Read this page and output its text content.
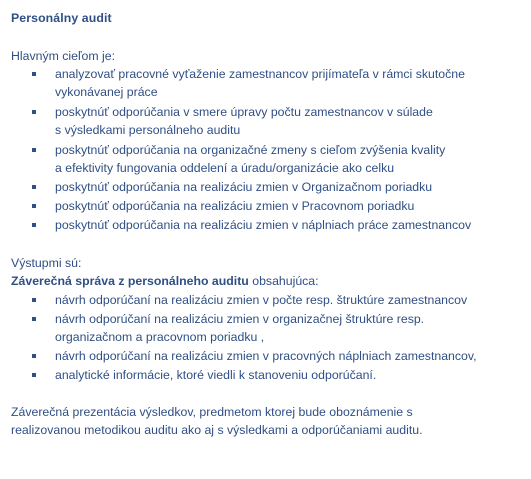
Personálny audit
Hlavným cieľom je:
analyzovať pracovné vyťaženie zamestnancov prijímateľa v rámci skutočne
vykonávanej práce
poskytnúť odporúčania v smere úpravy počtu zamestnancov v súlade
s výsledkami personálneho auditu
poskytnúť odporúčania na organizačné zmeny s cieľom zvýšenia kvality
a efektivity fungovania oddelení a úradu/organizácie ako celku
poskytnúť odporúčania na realizáciu zmien v Organizačnom poriadku
poskytnúť odporúčania na realizáciu zmien v Pracovnom poriadku
poskytnúť odporúčania na realizáciu zmien v náplniach práce zamestnancov
Výstupmi sú:
Záverečná správa z personálneho auditu obsahujúca:
návrh odporúčaní na realizáciu zmien v počte resp. štruktúre zamestnancov
návrh odporúčaní na realizáciu zmien v organizačnej štruktúre resp.
organizačnom a pracovnom poriadku ,
návrh odporúčaní na realizáciu zmien v pracovných náplniach zamestnancov,
analytické informácie, ktoré viedli k stanoveniu odporúčaní.
Záverečná prezentácia výsledkov, predmetom ktorej bude oboznámenie s
realizovanou metodikou auditu ako aj s výsledkami a odporúčaniami auditu.
